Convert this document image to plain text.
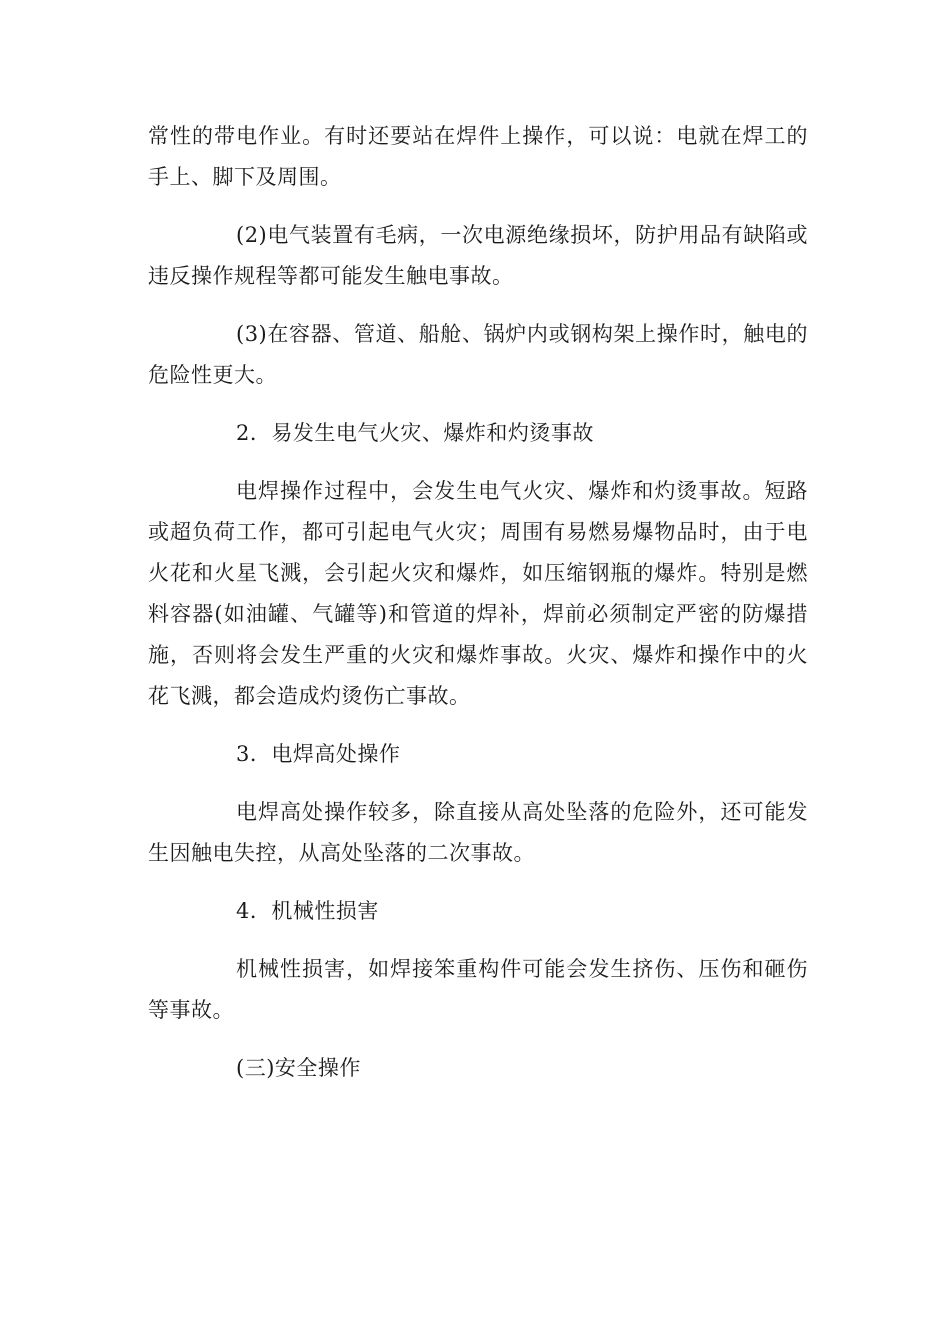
常性的带电作业。有时还要站在焊件上操作，可以说：电就在焊工的手上、脚下及周围。

(2)电气装置有毛病，一次电源绝缘损坏，防护用品有缺陷或违反操作规程等都可能发生触电事故。

(3)在容器、管道、船舱、锅炉内或钢构架上操作时，触电的危险性更大。

2．易发生电气火灾、爆炸和灼烫事故

电焊操作过程中，会发生电气火灾、爆炸和灼烫事故。短路或超负荷工作，都可引起电气火灾；周围有易燃易爆物品时，由于电火花和火星飞溅，会引起火灾和爆炸，如压缩钢瓶的爆炸。特别是燃料容器(如油罐、气罐等)和管道的焊补，焊前必须制定严密的防爆措施，否则将会发生严重的火灾和爆炸事故。火灾、爆炸和操作中的火花飞溅，都会造成灼烫伤亡事故。

3．电焊高处操作

电焊高处操作较多，除直接从高处坠落的危险外，还可能发生因触电失控，从高处坠落的二次事故。

4．机械性损害

机械性损害，如焊接笨重构件可能会发生挤伤、压伤和砸伤等事故。

(三)安全操作
